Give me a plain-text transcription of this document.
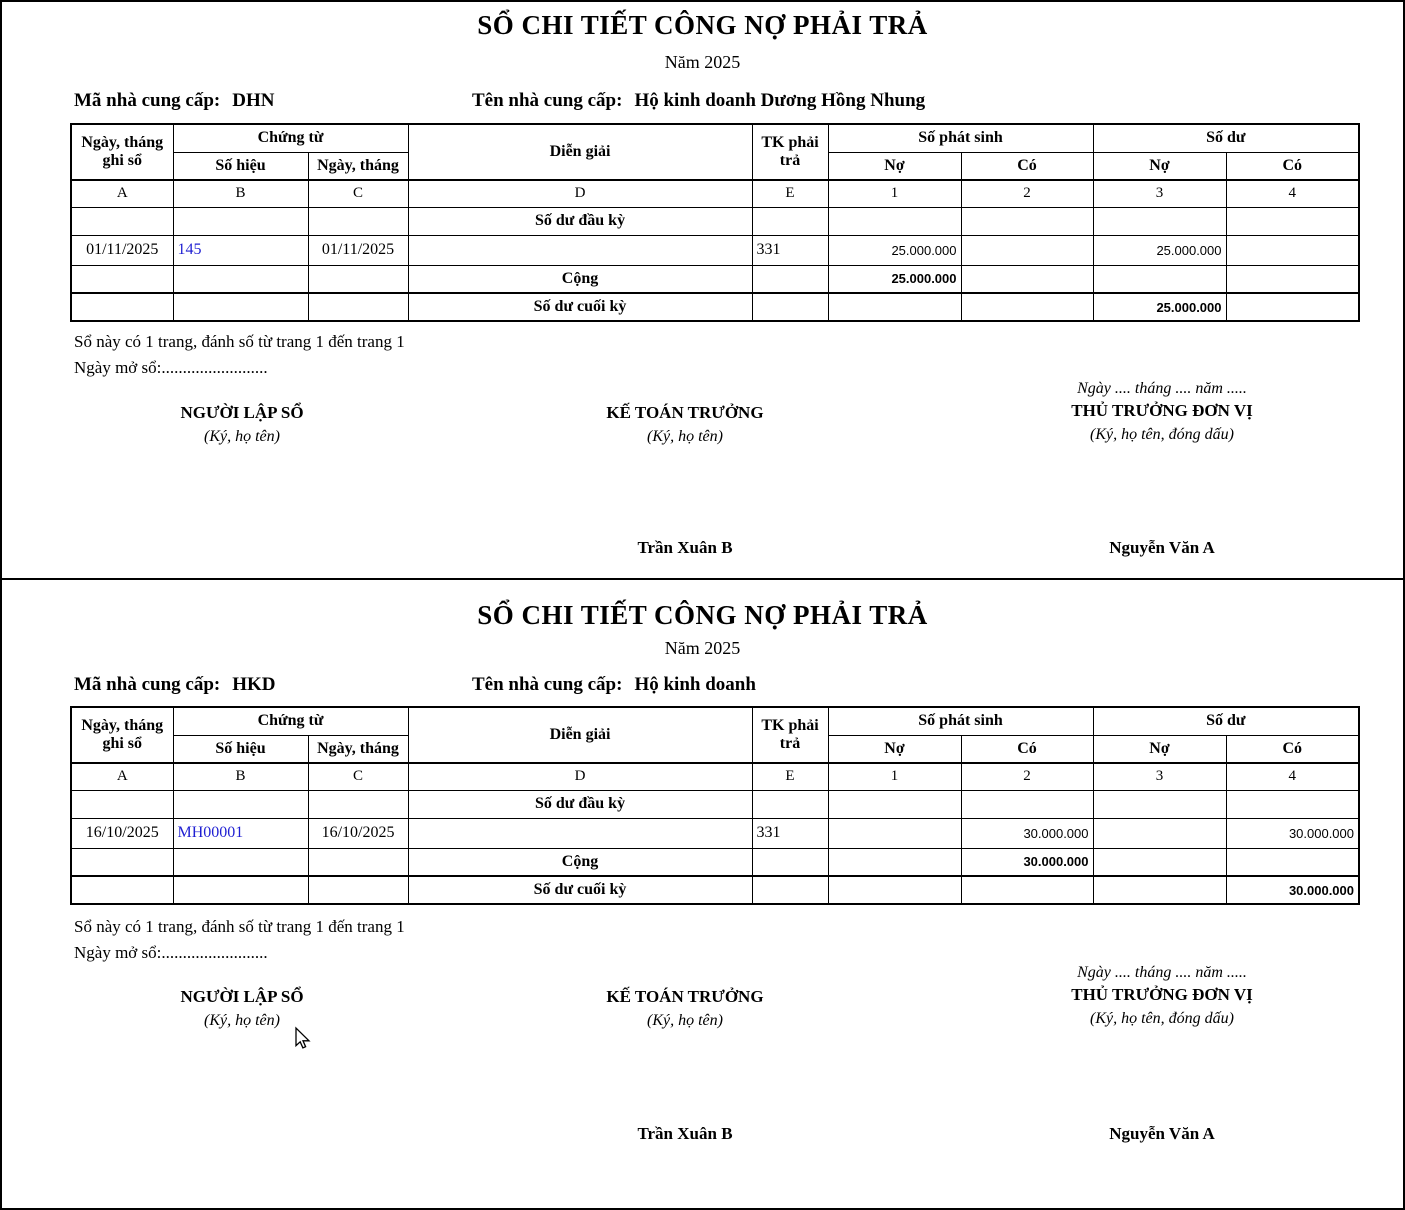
SỔ CHI TIẾT CÔNG NỢ PHẢI TRẢ
Năm 2025
Mã nhà cung cấp: DHN	Tên nhà cung cấp: Hộ kinh doanh Dương Hồng Nhung
Ngày, tháng ghi sổ	Chứng từ		Diễn giải	TK phải trả	Số phát sinh		Số dư	
	Số hiệu	Ngày, tháng			Nợ	Có	Nợ	Có
A	B	C	D	E	1	2	3	4
			Số dư đầu kỳ					
01/11/2025	145	01/11/2025		331	25.000.000		25.000.000	
			Cộng		25.000.000			
			Số dư cuối kỳ				25.000.000	
Sổ này có 1 trang, đánh số từ trang 1 đến trang 1
Ngày mở sổ:.........................
NGƯỜI LẬP SỔ
(Ký, họ tên)
KẾ TOÁN TRƯỞNG
(Ký, họ tên)
Ngày .... tháng .... năm .....
THỦ TRƯỞNG ĐƠN VỊ
(Ký, họ tên, đóng dấu)
Trần Xuân B	Nguyễn Văn A
SỔ CHI TIẾT CÔNG NỢ PHẢI TRẢ
Năm 2025
Mã nhà cung cấp: HKD	Tên nhà cung cấp: Hộ kinh doanh
Ngày, tháng ghi sổ	Chứng từ		Diễn giải	TK phải trả	Số phát sinh		Số dư	
	Số hiệu	Ngày, tháng			Nợ	Có	Nợ	Có
A	B	C	D	E	1	2	3	4
			Số dư đầu kỳ					
16/10/2025	MH00001	16/10/2025		331		30.000.000		30.000.000
			Cộng			30.000.000		
			Số dư cuối kỳ					30.000.000
Sổ này có 1 trang, đánh số từ trang 1 đến trang 1
Ngày mở sổ:.........................
NGƯỜI LẬP SỔ
(Ký, họ tên)
KẾ TOÁN TRƯỞNG
(Ký, họ tên)
Ngày .... tháng .... năm .....
THỦ TRƯỞNG ĐƠN VỊ
(Ký, họ tên, đóng dấu)
Trần Xuân B	Nguyễn Văn A
